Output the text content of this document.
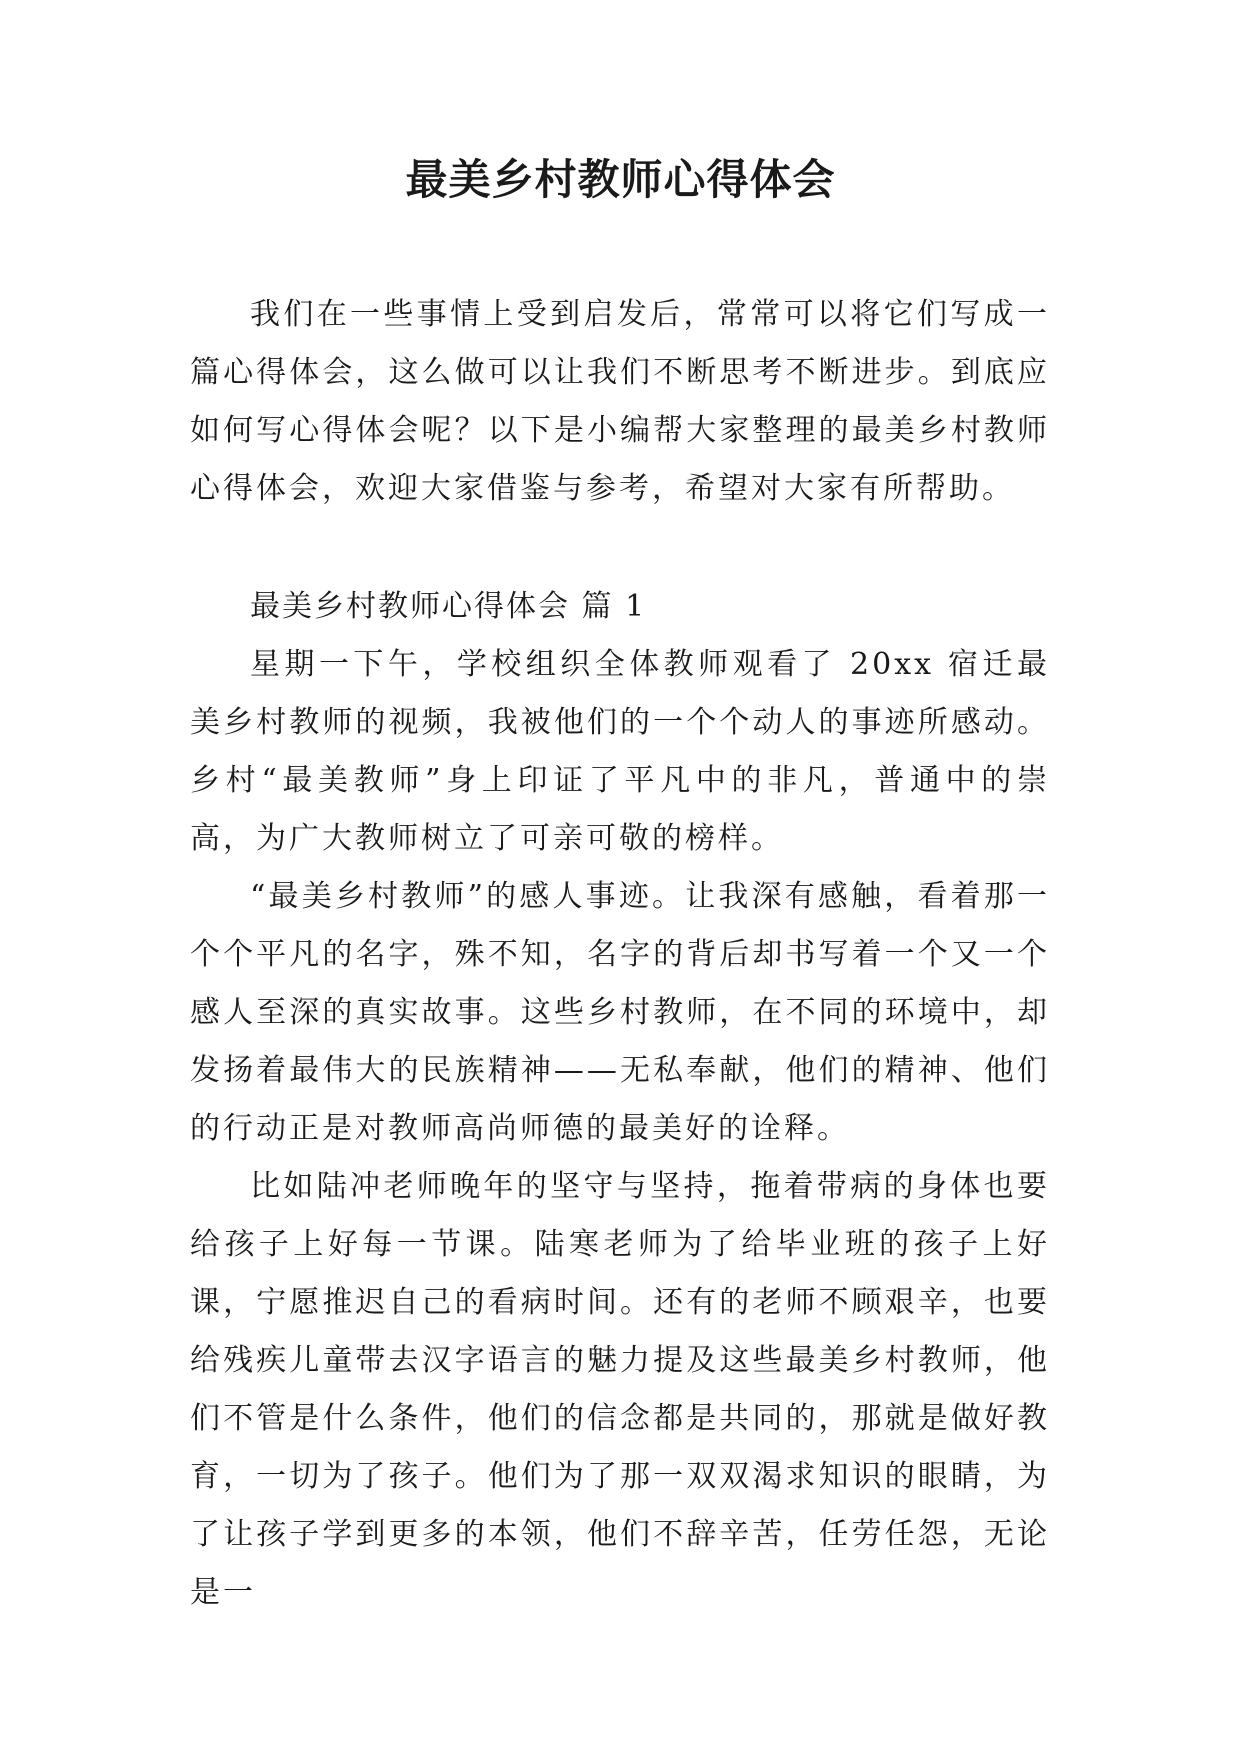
最美乡村教师心得体会

我们在一些事情上受到启发后，常常可以将它们写成一篇心得体会，这么做可以让我们不断思考不断进步。到底应如何写心得体会呢？以下是小编帮大家整理的最美乡村教师心得体会，欢迎大家借鉴与参考，希望对大家有所帮助。

最美乡村教师心得体会 篇 1

星期一下午，学校组织全体教师观看了 20xx 宿迁最美乡村教师的视频，我被他们的一个个动人的事迹所感动。乡村“最美教师”身上印证了平凡中的非凡，普通中的崇高，为广大教师树立了可亲可敬的榜样。

“最美乡村教师”的感人事迹。让我深有感触，看着那一个个平凡的名字，殊不知，名字的背后却书写着一个又一个感人至深的真实故事。这些乡村教师，在不同的环境中，却发扬着最伟大的民族精神——无私奉献，他们的精神、他们的行动正是对教师高尚师德的最美好的诠释。

比如陆冲老师晚年的坚守与坚持，拖着带病的身体也要给孩子上好每一节课。陆寒老师为了给毕业班的孩子上好课，宁愿推迟自己的看病时间。还有的老师不顾艰辛，也要给残疾儿童带去汉字语言的魅力提及这些最美乡村教师，他们不管是什么条件，他们的信念都是共同的，那就是做好教育，一切为了孩子。他们为了那一双双渴求知识的眼睛，为了让孩子学到更多的本领，他们不辞辛苦，任劳任怨，无论是一
